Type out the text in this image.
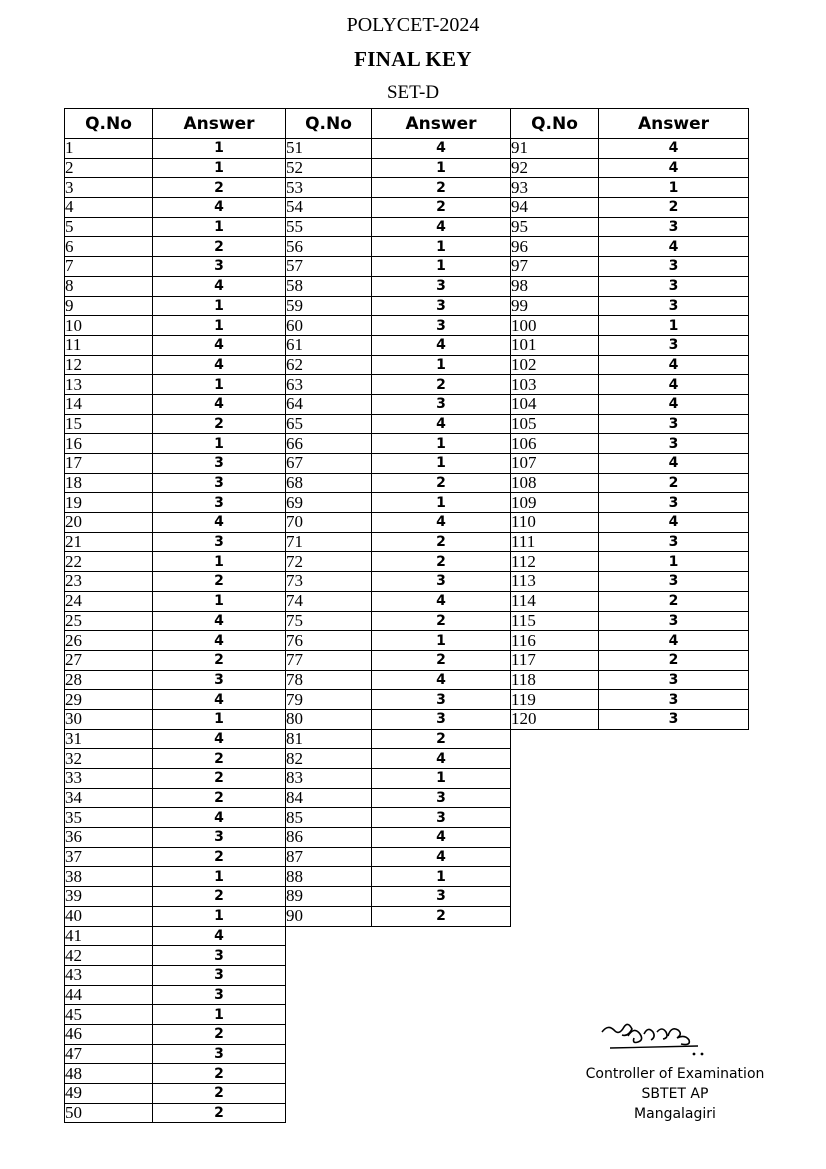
POLYCET-2024
FINAL KEY
SET-D
Q.No	Answer
1	1
2	1
3	2
4	4
5	1
6	2
7	3
8	4
9	1
10	1
11	4
12	4
13	1
14	4
15	2
16	1
17	3
18	3
19	3
20	4
21	3
22	1
23	2
24	1
25	4
26	4
27	2
28	3
29	4
30	1
31	4
32	2
33	2
34	2
35	4
36	3
37	2
38	1
39	2
40	1
41	4
42	3
43	3
44	3
45	1
46	2
47	3
48	2
49	2
50	2
Q.No	Answer
51	4
52	1
53	2
54	2
55	4
56	1
57	1
58	3
59	3
60	3
61	4
62	1
63	2
64	3
65	4
66	1
67	1
68	2
69	1
70	4
71	2
72	2
73	3
74	4
75	2
76	1
77	2
78	4
79	3
80	3
81	2
82	4
83	1
84	3
85	3
86	4
87	4
88	1
89	3
90	2
Q.No	Answer
91	4
92	4
93	1
94	2
95	3
96	4
97	3
98	3
99	3
100	1
101	3
102	4
103	4
104	4
105	3
106	3
107	4
108	2
109	3
110	4
111	3
112	1
113	3
114	2
115	3
116	4
117	2
118	3
119	3
120	3
Controller of Examination
SBTET AP
Mangalagiri
